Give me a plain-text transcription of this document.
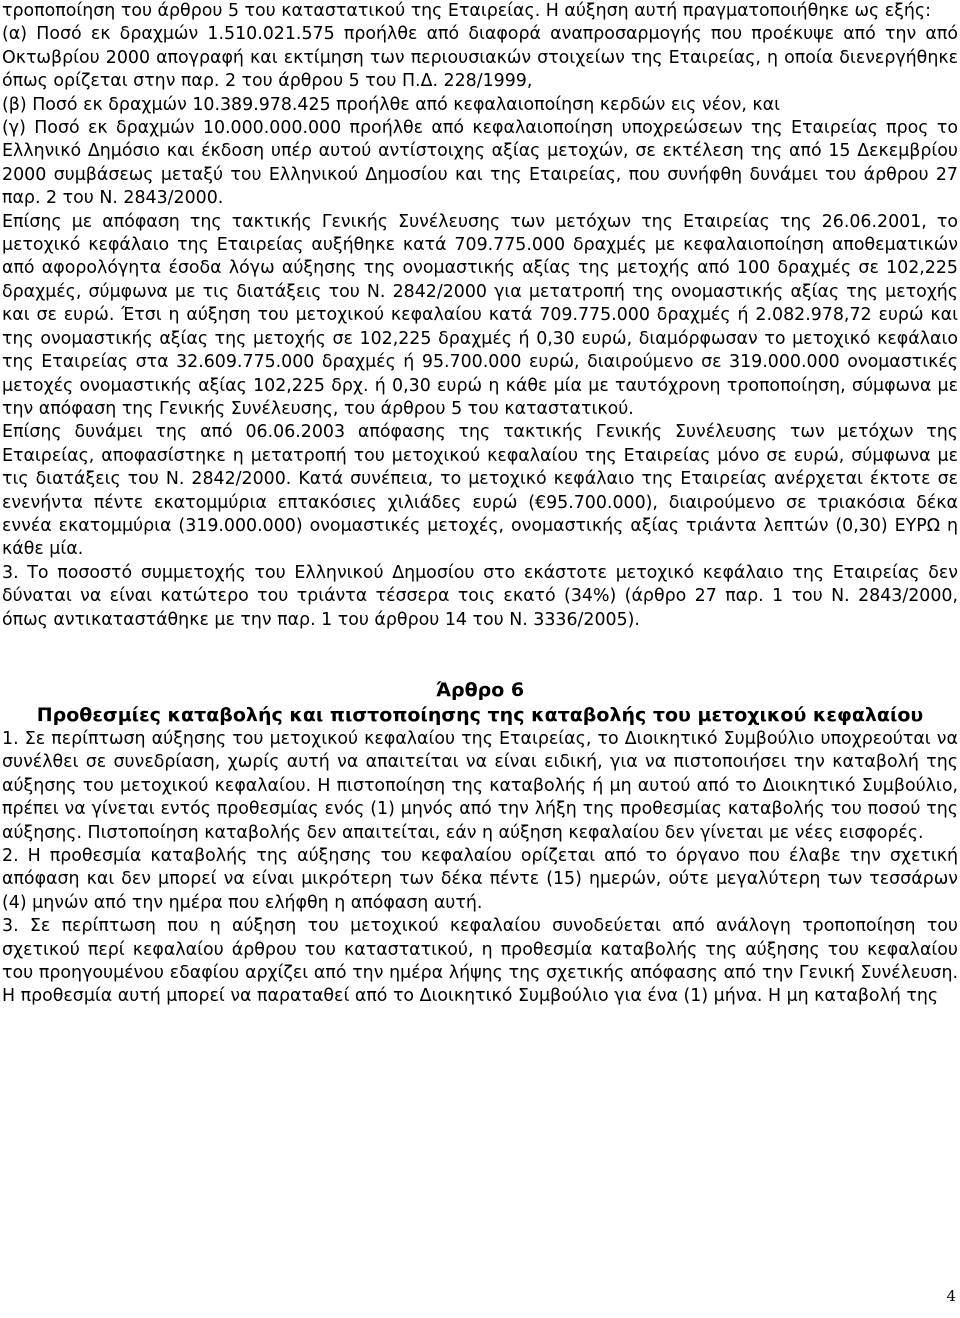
τροποποίηση του άρθρου 5 του καταστατικού της Εταιρείας. Η αύξηση αυτή πραγματοποιήθηκε ως εξής:

(α) Ποσό εκ δραχμών 1.510.021.575 προήλθε από διαφορά αναπροσαρμογής που προέκυψε από την από Οκτωβρίου 2000 απογραφή και εκτίμηση των περιουσιακών στοιχείων της Εταιρείας, η οποία διενεργήθηκε όπως ορίζεται στην παρ. 2 του άρθρου 5 του Π.Δ. 228/1999,

(β) Ποσό εκ δραχμών 10.389.978.425 προήλθε από κεφαλαιοποίηση κερδών εις νέον, και

(γ) Ποσό εκ δραχμών 10.000.000.000 προήλθε από κεφαλαιοποίηση υποχρεώσεων της Εταιρείας προς το Ελληνικό Δημόσιο και έκδοση υπέρ αυτού αντίστοιχης αξίας μετοχών, σε εκτέλεση της από 15 Δεκεμβρίου 2000 συμβάσεως μεταξύ του Ελληνικού Δημοσίου και της Εταιρείας, που συνήφθη δυνάμει του άρθρου 27 παρ. 2 του Ν. 2843/2000.

Επίσης με απόφαση της τακτικής Γενικής Συνέλευσης των μετόχων της Εταιρείας της 26.06.2001, το μετοχικό κεφάλαιο της Εταιρείας αυξήθηκε κατά 709.775.000 δραχμές με κεφαλαιοποίηση αποθεματικών από αφορολόγητα έσοδα λόγω αύξησης της ονομαστικής αξίας της μετοχής από 100 δραχμές σε 102,225 δραχμές, σύμφωνα με τις διατάξεις του Ν. 2842/2000 για μετατροπή της ονομαστικής αξίας της μετοχής και σε ευρώ. Έτσι η αύξηση του μετοχικού κεφαλαίου κατά 709.775.000 δραχμές ή 2.082.978,72 ευρώ και της ονομαστικής αξίας της μετοχής σε 102,225 δραχμές ή 0,30 ευρώ, διαμόρφωσαν το μετοχικό κεφάλαιο της Εταιρείας στα 32.609.775.000 δραχμές ή 95.700.000 ευρώ, διαιρούμενο σε 319.000.000 ονομαστικές μετοχές ονομαστικής αξίας 102,225 δρχ. ή 0,30 ευρώ η κάθε μία με ταυτόχρονη τροποποίηση, σύμφωνα με την απόφαση της Γενικής Συνέλευσης, του άρθρου 5 του καταστατικού.

Επίσης δυνάμει της από 06.06.2003 απόφασης της τακτικής Γενικής Συνέλευσης των μετόχων της Εταιρείας, αποφασίστηκε η μετατροπή του μετοχικού κεφαλαίου της Εταιρείας μόνο σε ευρώ, σύμφωνα με τις διατάξεις του Ν. 2842/2000. Κατά συνέπεια, το μετοχικό κεφάλαιο της Εταιρείας ανέρχεται έκτοτε σε ενενήντα πέντε εκατομμύρια επτακόσιες χιλιάδες ευρώ (€95.700.000), διαιρούμενο σε τριακόσια δέκα εννέα εκατομμύρια (319.000.000) ονομαστικές μετοχές, ονομαστικής αξίας τριάντα λεπτών (0,30) ΕΥΡΩ η κάθε μία.

3. Το ποσοστό συμμετοχής του Ελληνικού Δημοσίου στο εκάστοτε μετοχικό κεφάλαιο της Εταιρείας δεν δύναται να είναι κατώτερο του τριάντα τέσσερα τοις εκατό (34%) (άρθρο 27 παρ. 1 του Ν. 2843/2000, όπως αντικαταστάθηκε με την παρ. 1 του άρθρου 14 του Ν. 3336/2005).

Άρθρο 6

Προθεσμίες καταβολής και πιστοποίησης της καταβολής του μετοχικού κεφαλαίου

1. Σε περίπτωση αύξησης του μετοχικού κεφαλαίου της Εταιρείας, το Διοικητικό Συμβούλιο υποχρεούται να συνέλθει σε συνεδρίαση, χωρίς αυτή να απαιτείται να είναι ειδική, για να πιστοποιήσει την καταβολή της αύξησης του μετοχικού κεφαλαίου. Η πιστοποίηση της καταβολής ή μη αυτού από το Διοικητικό Συμβούλιο, πρέπει να γίνεται εντός προθεσμίας ενός (1) μηνός από την λήξη της προθεσμίας καταβολής του ποσού της αύξησης. Πιστοποίηση καταβολής δεν απαιτείται, εάν η αύξηση κεφαλαίου δεν γίνεται με νέες εισφορές.

2. Η προθεσμία καταβολής της αύξησης του κεφαλαίου ορίζεται από το όργανο που έλαβε την σχετική απόφαση και δεν μπορεί να είναι μικρότερη των δέκα πέντε (15) ημερών, ούτε μεγαλύτερη των τεσσάρων (4) μηνών από την ημέρα που ελήφθη η απόφαση αυτή.

3. Σε περίπτωση που η αύξηση του μετοχικού κεφαλαίου συνοδεύεται από ανάλογη τροποποίηση του σχετικού περί κεφαλαίου άρθρου του καταστατικού, η προθεσμία καταβολής της αύξησης του κεφαλαίου του προηγουμένου εδαφίου αρχίζει από την ημέρα λήψης της σχετικής απόφασης από την Γενική Συνέλευση. Η προθεσμία αυτή μπορεί να παραταθεί από το Διοικητικό Συμβούλιο για ένα (1) μήνα. Η μη καταβολή της

4
